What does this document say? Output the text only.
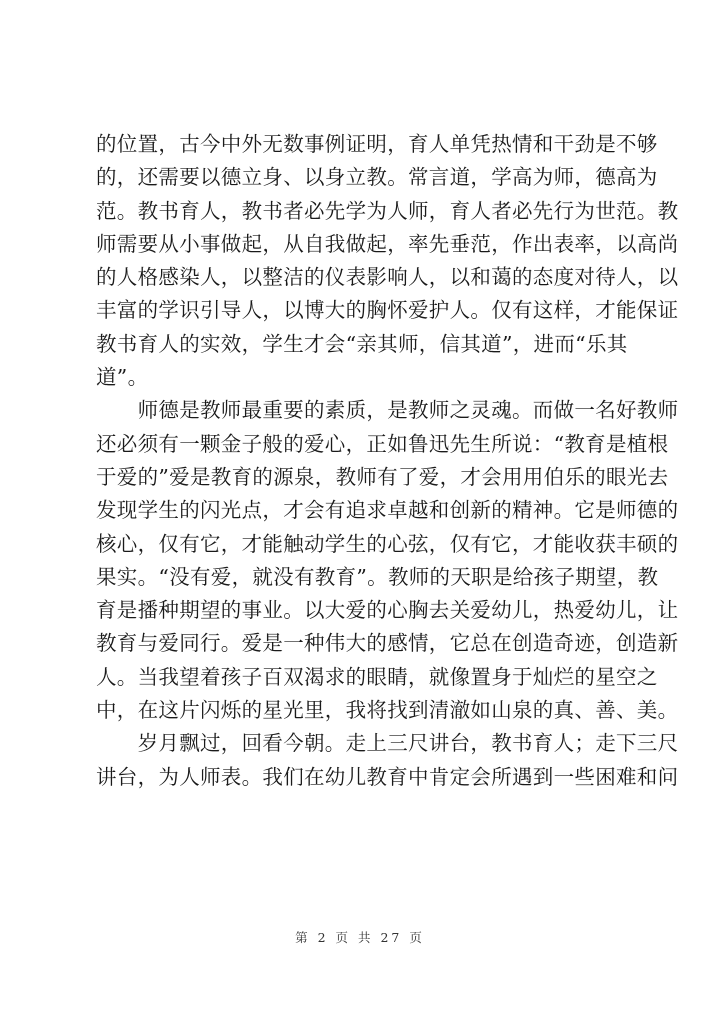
的位置，古今中外无数事例证明，育人单凭热情和干劲是不够
的，还需要以德立身、以身立教。常言道，学高为师，德高为
范。教书育人，教书者必先学为人师，育人者必先行为世范。教
师需要从小事做起，从自我做起，率先垂范，作出表率，以高尚
的人格感染人，以整洁的仪表影响人，以和蔼的态度对待人，以
丰富的学识引导人，以博大的胸怀爱护人。仅有这样，才能保证
教书育人的实效，学生才会“亲其师，信其道”，进而“乐其
道”。
　　师德是教师最重要的素质，是教师之灵魂。而做一名好教师
还必须有一颗金子般的爱心，正如鲁迅先生所说：“教育是植根
于爱的”爱是教育的源泉，教师有了爱，才会用用伯乐的眼光去
发现学生的闪光点，才会有追求卓越和创新的精神。它是师德的
核心，仅有它，才能触动学生的心弦，仅有它，才能收获丰硕的
果实。“没有爱，就没有教育”。教师的天职是给孩子期望，教
育是播种期望的事业。以大爱的心胸去关爱幼儿，热爱幼儿，让
教育与爱同行。爱是一种伟大的感情，它总在创造奇迹，创造新
人。当我望着孩子百双渴求的眼睛，就像置身于灿烂的星空之
中，在这片闪烁的星光里，我将找到清澈如山泉的真、善、美。
　　岁月飘过，回看今朝。走上三尺讲台，教书育人；走下三尺
讲台，为人师表。我们在幼儿教育中肯定会所遇到一些困难和问
第 2 页 共 27 页
